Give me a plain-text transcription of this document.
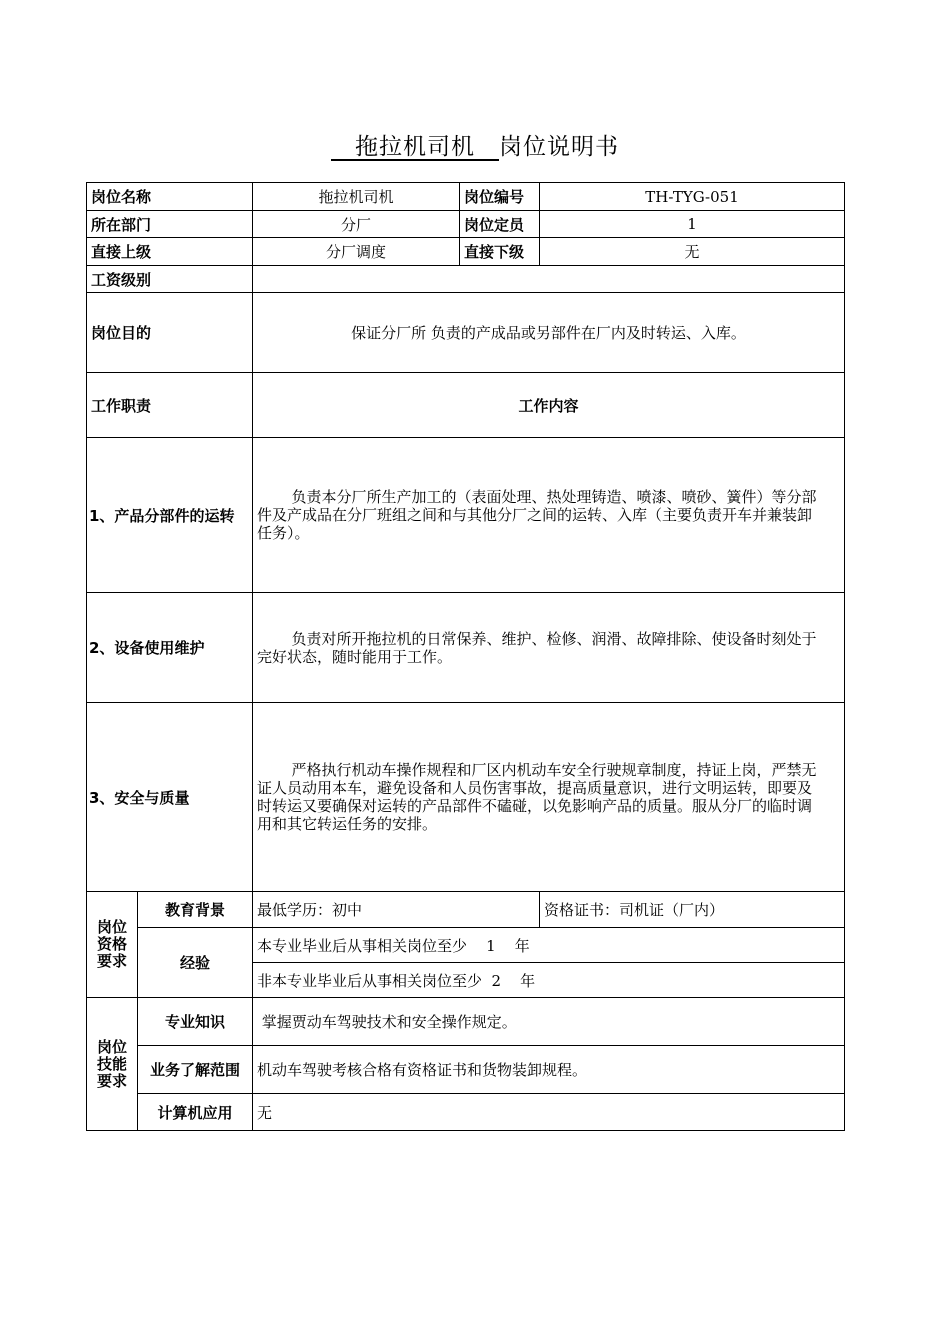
　拖拉机司机　 岗位说明书
岗位名称		拖拉机司机	岗位编号	TH-TYG-051
所在部门		分厂	岗位定员	1
直接上级		分厂调度	直接下级	无
工资级别				
岗位目的		保证分厂所 负责的产成品或另部件在厂内及时转运、入库。		
工作职责		工作内容		
1、产品分部件的运转		负责本分厂所生产加工的（表面处理、热处理铸造、喷漆、喷砂、簧件）等分部件及产成品在分厂班组之间和与其他分厂之间的运转、入库（主要负责开车并兼装卸任务）。		
2、设备使用维护		负责对所开拖拉机的日常保养、维护、检修、润滑、故障排除、使设备时刻处于完好状态，随时能用于工作。		
3、安全与质量		严格执行机动车操作规程和厂区内机动车安全行驶规章制度，持证上岗，严禁无证人员动用本车，避免设备和人员伤害事故，提高质量意识，进行文明运转，即要及时转运又要确保对运转的产品部件不磕碰，以免影响产品的质量。服从分厂的临时调用和其它转运任务的安排。		
岗位
资格
要求	教育背景	最低学历：初中		资格证书：司机证（厂内）
	经验	本专业毕业后从事相关岗位至少    1    年		
		非本专业毕业后从事相关岗位至少  2    年		
岗位
技能
要求	专业知识	掌握贾动车驾驶技术和安全操作规定。		
	业务了解范围	机动车驾驶考核合格有资格证书和货物装卸规程。		
	计算机应用	无		
